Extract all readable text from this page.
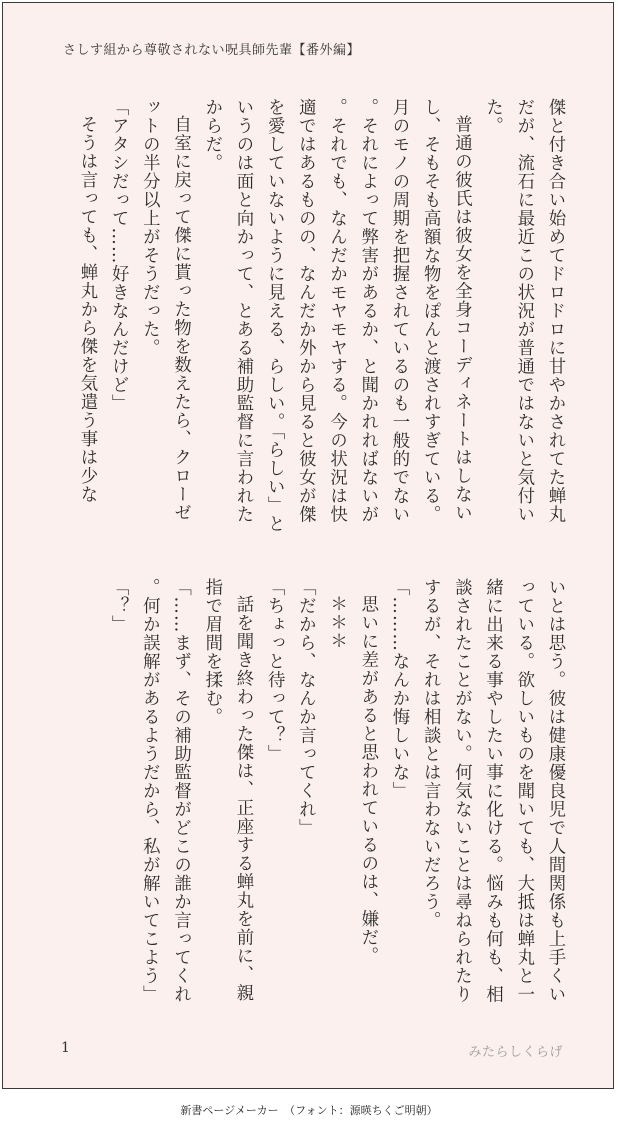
さしす組から尊敬されない呪具師先輩【番外編】

傑と付き合い始めてドロドロに甘やかされてた蝉丸だが、流石に最近この状況が普通ではないと気付いた。

普通の彼氏は彼女を全身コーディネートはしないし、そもそも高額な物をぽんと渡されすぎている。月のモノの周期を把握されているのも一般的でない。それによって弊害があるか、と聞かれればないが。それでも、なんだかモヤモヤする。今の状況は快適ではあるものの、なんだか外から見ると彼女が傑を愛していないように見える、らしい。「らしい」というのは面と向かって、とある補助監督に言われたからだ。

自室に戻って傑に貰った物を数えたら、クローゼットの半分以上がそうだった。

「アタシだって……好きなんだけど」

そうは言っても、蝉丸から傑を気遣う事は少な

いとは思う。彼は健康優良児で人間関係も上手くいっている。欲しいものを聞いても、大抵は蝉丸と一緒に出来る事やしたい事に化ける。悩みも何も、相談されたことがない。何気ないことは尋ねられたりするが、それは相談とは言わないだろう。

「………なんか悔しいな」

思いに差があると思われているのは、嫌だ。

＊＊＊

「だから、なんか言ってくれ」

「ちょっと待って？」

話を聞き終わった傑は、正座する蝉丸を前に、親指で眉間を揉む。

「……まず、その補助監督がどこの誰か言ってくれ。何か誤解があるようだから、私が解いてこよう」

「？」

1	みたらしくらげ
新書ページメーカー　（フォント：源暎ちくご明朝）
